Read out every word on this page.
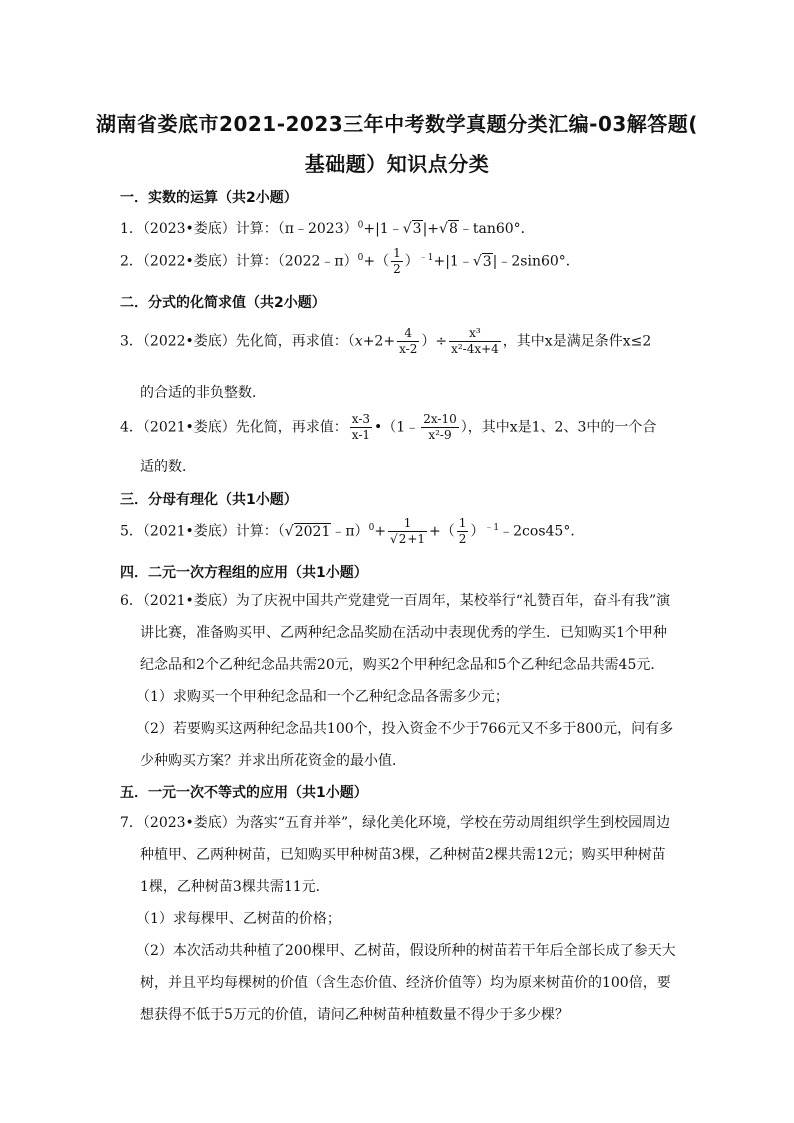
湖南省娄底市2021-2023三年中考数学真题分类汇编-03解答题(
基础题）知识点分类
一．实数的运算（共2小题）
1．（2023•娄底）计算：（π﹣2023）$^0$+|1﹣√3|+√8﹣tan60°．
2．（2022•娄底）计算：（2022﹣π）$^0$+（ $\frac{1}{2}$ ）$^{﹣1}$+|1﹣√3|﹣2sin60°．
二．分式的化简求值（共2小题）
3．（2022•娄底）先化简，再求值：（$x+2+ \frac{4}{x-2}$ ）÷ $\frac{\text{x³}}{\text{x²-4x+4}}$ ，其中x是满足条件x≤2
的合适的非负整数．
4．（2021•娄底）先化简，再求值： $\frac{x-3}{x-1}$ •（1﹣ $\frac{2x-10}{\text{x²-9}}$ ），其中x是1、2、3中的一个合
适的数．
三．分母有理化（共1小题）
5．（2021•娄底）计算：（√2021﹣π）$^0$+ $\frac{1}{√2+1}$ +（ $\frac{1}{2}$ ）$^{﹣1}$﹣2cos45°．
四．二元一次方程组的应用（共1小题）
6．（2021•娄底）为了庆祝中国共产党建党一百周年，某校举行“礼赞百年，奋斗有我”演
讲比赛，准备购买甲、乙两种纪念品奖励在活动中表现优秀的学生．已知购买1个甲种
纪念品和2个乙种纪念品共需20元，购买2个甲种纪念品和5个乙种纪念品共需45元．
（1）求购买一个甲种纪念品和一个乙种纪念品各需多少元；
（2）若要购买这两种纪念品共100个，投入资金不少于766元又不多于800元，问有多
少种购买方案？并求出所花资金的最小值．
五．一元一次不等式的应用（共1小题）
7．（2023•娄底）为落实“五育并举”，绿化美化环境，学校在劳动周组织学生到校园周边
种植甲、乙两种树苗，已知购买甲种树苗3棵，乙种树苗2棵共需12元；购买甲种树苗
1棵，乙种树苗3棵共需11元．
（1）求每棵甲、乙树苗的价格；
（2）本次活动共种植了200棵甲、乙树苗，假设所种的树苗若干年后全部长成了参天大
树，并且平均每棵树的价值（含生态价值、经济价值等）均为原来树苗价的100倍，要
想获得不低于5万元的价值，请问乙种树苗种植数量不得少于多少棵？
